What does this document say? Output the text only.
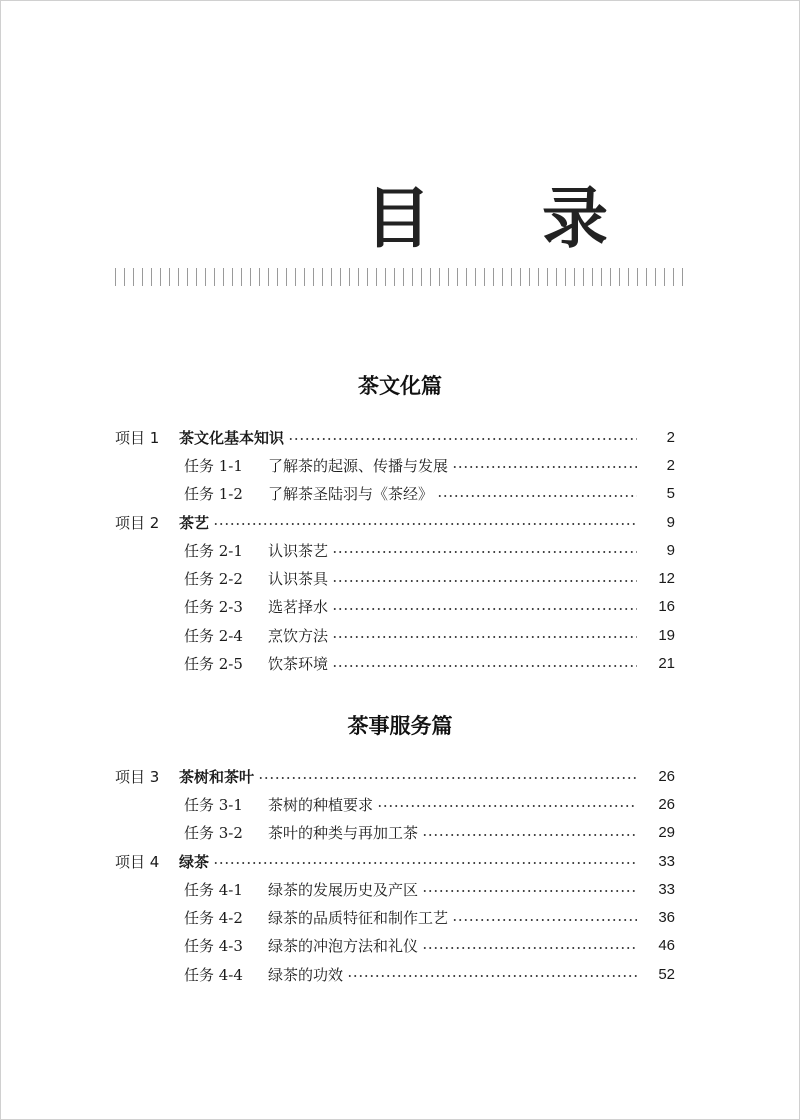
目 录
茶文化篇
项目 1	茶文化基本知识	2
任务 1-1	了解茶的起源、传播与发展	2
任务 1-2	了解茶圣陆羽与《茶经》	5
项目 2	茶艺	9
任务 2-1	认识茶艺	9
任务 2-2	认识茶具	12
任务 2-3	选茗择水	16
任务 2-4	烹饮方法	19
任务 2-5	饮茶环境	21
茶事服务篇
项目 3	茶树和茶叶	26
任务 3-1	茶树的种植要求	26
任务 3-2	茶叶的种类与再加工茶	29
项目 4	绿茶	33
任务 4-1	绿茶的发展历史及产区	33
任务 4-2	绿茶的品质特征和制作工艺	36
任务 4-3	绿茶的冲泡方法和礼仪	46
任务 4-4	绿茶的功效	52
